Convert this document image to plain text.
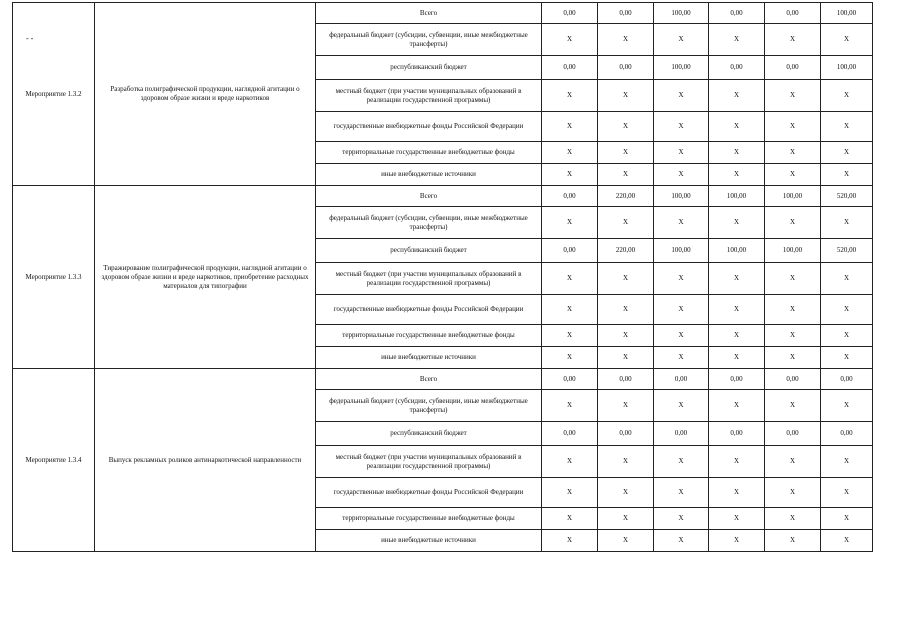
- -
Мероприятие 1.3.2	Разработка полиграфической продукции, наглядной агитации о здоровом образе жизни и вреде наркотиков	Всего	0,00	0,00	100,00	0,00	0,00	100,00
		федеральный бюджет (субсидии, субвенции, иные межбюджетные трансферты)	X	X	X	X	X	X
		республиканский бюджет	0,00	0,00	100,00	0,00	0,00	100,00
		местный бюджет (при участии муниципальных образований в реализации государственной программы)	X	X	X	X	X	X
		государственные внебюджетные фонды Российской Федерации	X	X	X	X	X	X
		территориальные государственные внебюджетные фонды	X	X	X	X	X	X
		иные внебюджетные источники	X	X	X	X	X	X
Мероприятие 1.3.3	Тиражирование полиграфической продукции, наглядной агитации о здоровом образе жизни и вреде наркотиков, приобретение расходных материалов для типографии	Всего	0,00	220,00	100,00	100,00	100,00	520,00
		федеральный бюджет (субсидии, субвенции, иные межбюджетные трансферты)	X	X	X	X	X	X
		республиканский бюджет	0,00	220,00	100,00	100,00	100,00	520,00
		местный бюджет (при участии муниципальных образований в реализации государственной программы)	X	X	X	X	X	X
		государственные внебюджетные фонды Российской Федерации	X	X	X	X	X	X
		территориальные государственные внебюджетные фонды	X	X	X	X	X	X
		иные внебюджетные источники	X	X	X	X	X	X
Мероприятие 1.3.4	Выпуск рекламных роликов антинаркотической направленности	Всего	0,00	0,00	0,00	0,00	0,00	0,00
		федеральный бюджет (субсидии, субвенции, иные межбюджетные трансферты)	X	X	X	X	X	X
		республиканский бюджет	0,00	0,00	0,00	0,00	0,00	0,00
		местный бюджет (при участии муниципальных образований в реализации государственной программы)	X	X	X	X	X	X
		государственные внебюджетные фонды Российской Федерации	X	X	X	X	X	X
		территориальные государственные внебюджетные фонды	X	X	X	X	X	X
		иные внебюджетные источники	X	X	X	X	X	X
